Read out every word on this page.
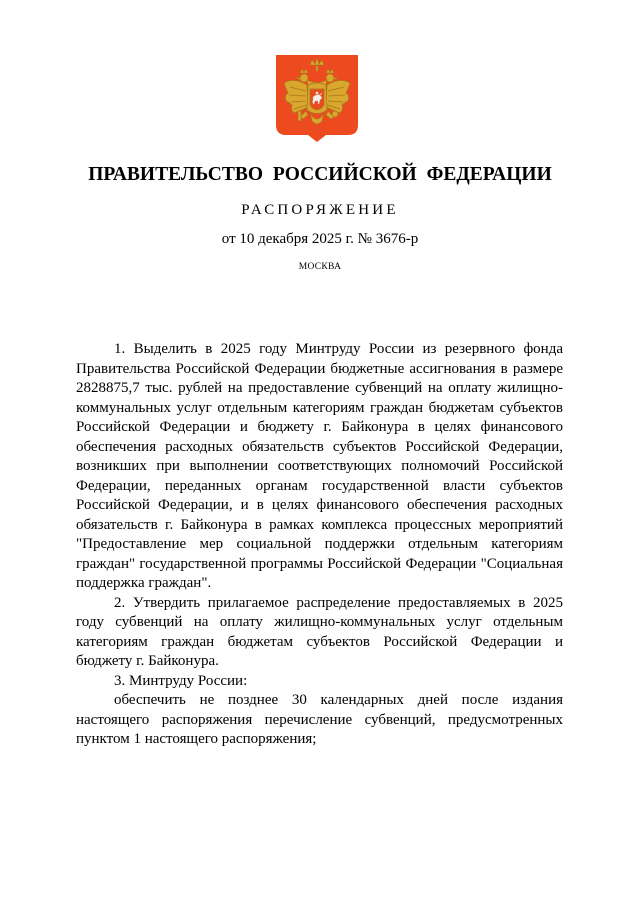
ПРАВИТЕЛЬСТВО РОССИЙСКОЙ ФЕДЕРАЦИИ
РАСПОРЯЖЕНИЕ
от 10 декабря 2025 г. № 3676-р
МОСКВА

1. Выделить в 2025 году Минтруду России из резервного фонда Правительства Российской Федерации бюджетные ассигнования в размере 2828875,7 тыс. рублей на предоставление субвенций на оплату жилищно-коммунальных услуг отдельным категориям граждан бюджетам субъектов Российской Федерации и бюджету г. Байконура в целях финансового обеспечения расходных обязательств субъектов Российской Федерации, возникших при выполнении соответствующих полномочий Российской Федерации, переданных органам государственной власти субъектов Российской Федерации, и в целях финансового обеспечения расходных обязательств г. Байконура в рамках комплекса процессных мероприятий "Предоставление мер социальной поддержки отдельным категориям граждан" государственной программы Российской Федерации "Социальная поддержка граждан".

2. Утвердить прилагаемое распределение предоставляемых в 2025 году субвенций на оплату жилищно-коммунальных услуг отдельным категориям граждан бюджетам субъектов Российской Федерации и бюджету г. Байконура.

3. Минтруду России:

обеспечить не позднее 30 календарных дней после издания настоящего распоряжения перечисление субвенций, предусмотренных пунктом 1 настоящего распоряжения;
